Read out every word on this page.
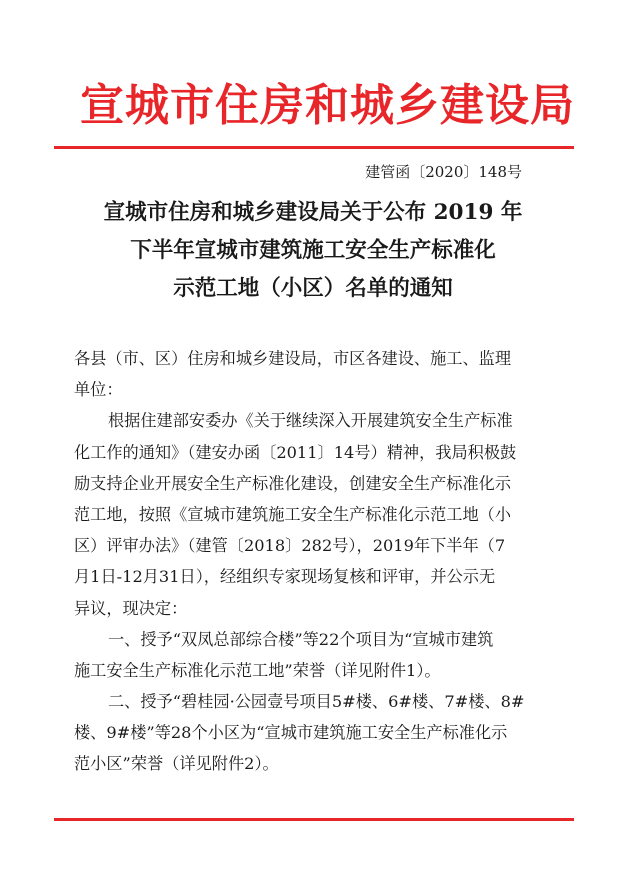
宣城市住房和城乡建设局
建管函〔2020〕148号
宣城市住房和城乡建设局关于公布 2019 年
下半年宣城市建筑施工安全生产标准化
示范工地（小区）名单的通知
各县（市、区）住房和城乡建设局，市区各建设、施工、监理
单位：
根据住建部安委办《关于继续深入开展建筑安全生产标准
化工作的通知》（建安办函〔2011〕14号）精神，我局积极鼓
励支持企业开展安全生产标准化建设，创建安全生产标准化示
范工地，按照《宣城市建筑施工安全生产标准化示范工地（小
区）评审办法》（建管〔2018〕282号），2019年下半年（7
月1日-12月31日），经组织专家现场复核和评审，并公示无
异议，现决定：
一、授予“双凤总部综合楼”等22个项目为“宣城市建筑
施工安全生产标准化示范工地”荣誉（详见附件1）。
二、授予“碧桂园·公园壹号项目5#楼、6#楼、7#楼、8#
楼、9#楼”等28个小区为“宣城市建筑施工安全生产标准化示
范小区”荣誉（详见附件2）。
